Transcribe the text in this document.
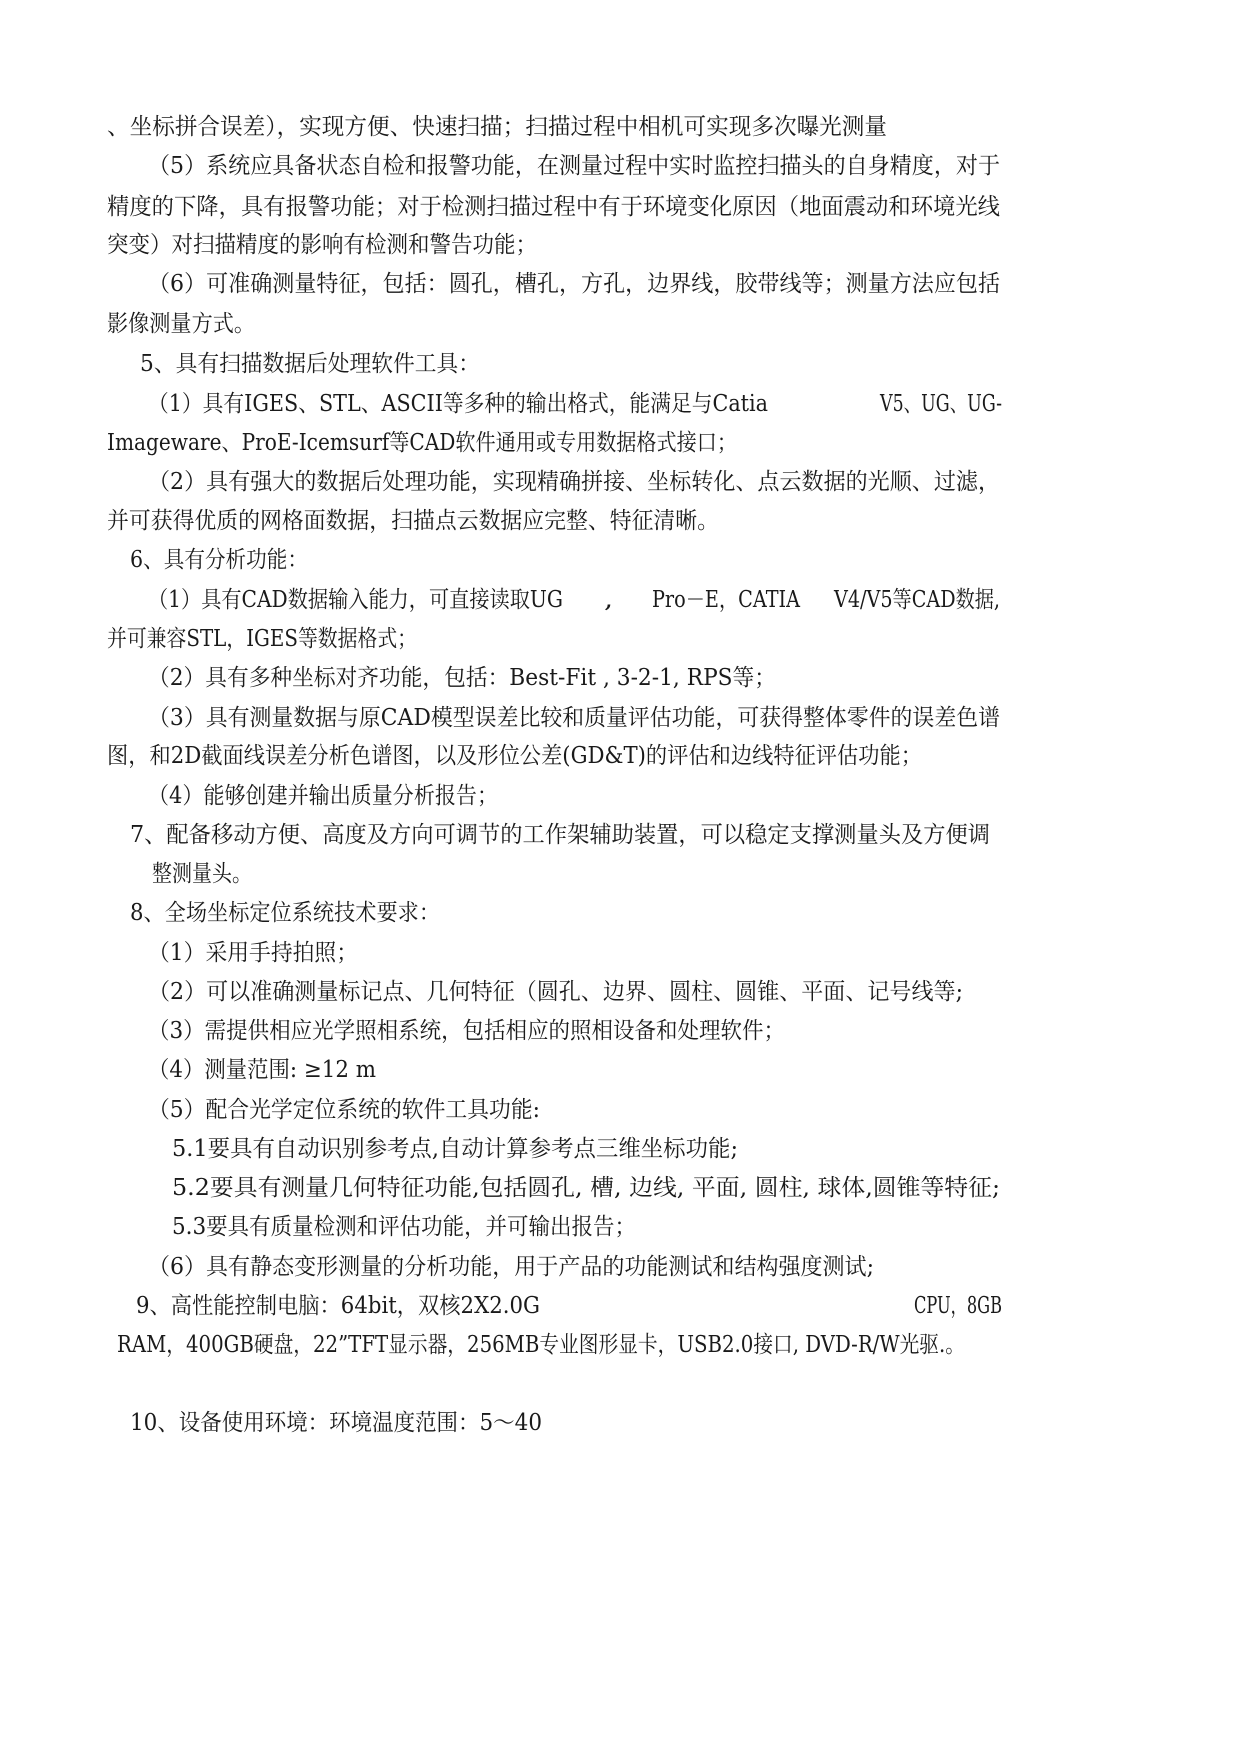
、坐标拼合误差），实现方便、快速扫描；扫描过程中相机可实现多次曝光测量
（5）系统应具备状态自检和报警功能，在测量过程中实时监控扫描头的自身精度，对于
精度的下降，具有报警功能；对于检测扫描过程中有于环境变化原因（地面震动和环境光线
突变）对扫描精度的影响有检测和警告功能；
（6）可准确测量特征，包括：圆孔，槽孔，方孔，边界线，胶带线等；测量方法应包括
影像测量方式。
5、具有扫描数据后处理软件工具：
（1）具有IGES、STL、ASCII等多种的输出格式，能满足与Catia	V5、UG、UG-
Imageware、ProE-Icemsurf等CAD软件通用或专用数据格式接口；
（2）具有强大的数据后处理功能，实现精确拼接、坐标转化、点云数据的光顺、过滤，
并可获得优质的网格面数据，扫描点云数据应完整、特征清晰。
6、具有分析功能：
（1）具有CAD数据输入能力，可直接读取UG , Pro－E，CATIA V4/V5等CAD数据,
并可兼容STL，IGES等数据格式；
（2）具有多种坐标对齐功能，包括：Best-Fit , 3-2-1, RPS等；
（3）具有测量数据与原CAD模型误差比较和质量评估功能，可获得整体零件的误差色谱
图，和2D截面线误差分析色谱图，以及形位公差(GD&T)的评估和边线特征评估功能；
（4）能够创建并输出质量分析报告；
7、配备移动方便、高度及方向可调节的工作架辅助装置，可以稳定支撑测量头及方便调
整测量头。
8、全场坐标定位系统技术要求：
（1）采用手持拍照；
（2）可以准确测量标记点、几何特征（圆孔、边界、圆柱、圆锥、平面、记号线等;
（3）需提供相应光学照相系统，包括相应的照相设备和处理软件；
（4）测量范围: ≥12 m
（5）配合光学定位系统的软件工具功能:
5.1要具有自动识别参考点,自动计算参考点三维坐标功能;
5.2要具有测量几何特征功能,包括圆孔, 槽, 边线, 平面, 圆柱, 球体,圆锥等特征;
5.3要具有质量检测和评估功能，并可输出报告；
（6）具有静态变形测量的分析功能，用于产品的功能测试和结构强度测试;
9、高性能控制电脑：64bit，双核2X2.0G	CPU，8GB
RAM，400GB硬盘，22”TFT显示器，256MB专业图形显卡，USB2.0接口, DVD-R/W光驱.。
10、设备使用环境：环境温度范围：5～40
